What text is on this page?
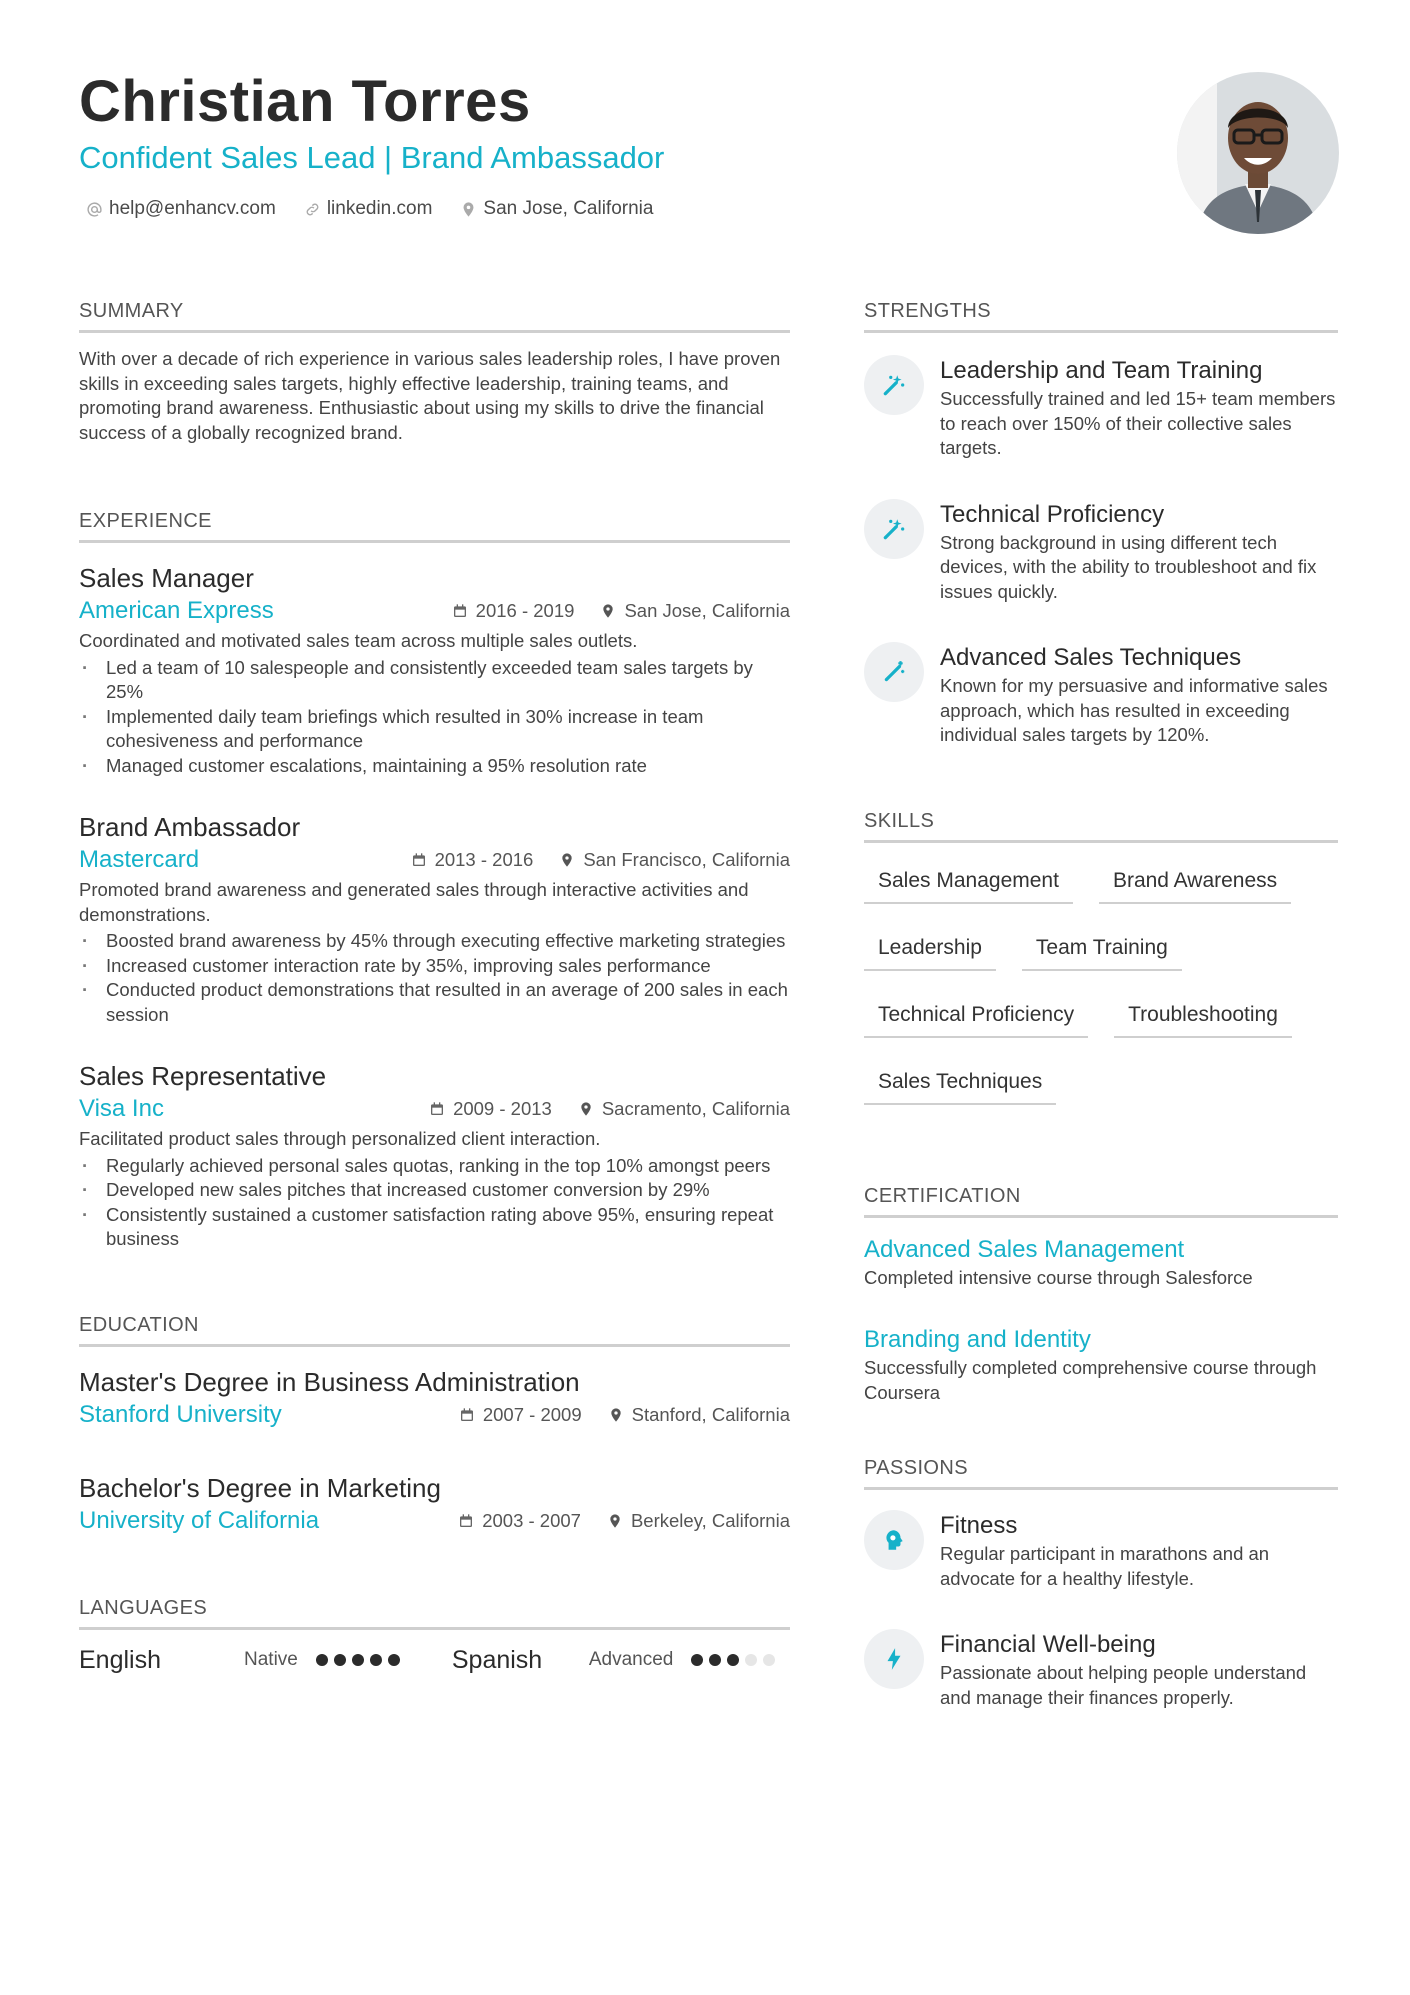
Christian Torres
Confident Sales Lead | Brand Ambassador
help@enhancv.com	linkedin.com	San Jose, California
SUMMARY
With over a decade of rich experience in various sales leadership roles, I have proven skills in exceeding sales targets, highly effective leadership, training teams, and promoting brand awareness. Enthusiastic about using my skills to drive the financial success of a globally recognized brand.
EXPERIENCE
Sales Manager
American Express	2016 - 2019	San Jose, California
Coordinated and motivated sales team across multiple sales outlets.
· Led a team of 10 salespeople and consistently exceeded team sales targets by 25%
· Implemented daily team briefings which resulted in 30% increase in team cohesiveness and performance
· Managed customer escalations, maintaining a 95% resolution rate
Brand Ambassador
Mastercard	2013 - 2016	San Francisco, California
Promoted brand awareness and generated sales through interactive activities and demonstrations.
· Boosted brand awareness by 45% through executing effective marketing strategies
· Increased customer interaction rate by 35%, improving sales performance
· Conducted product demonstrations that resulted in an average of 200 sales in each session
Sales Representative
Visa Inc	2009 - 2013	Sacramento, California
Facilitated product sales through personalized client interaction.
· Regularly achieved personal sales quotas, ranking in the top 10% amongst peers
· Developed new sales pitches that increased customer conversion by 29%
· Consistently sustained a customer satisfaction rating above 95%, ensuring repeat business
EDUCATION
Master's Degree in Business Administration
Stanford University	2007 - 2009	Stanford, California
Bachelor's Degree in Marketing
University of California	2003 - 2007	Berkeley, California
LANGUAGES
English	Native	Spanish	Advanced
STRENGTHS
Leadership and Team Training
Successfully trained and led 15+ team members to reach over 150% of their collective sales targets.
Technical Proficiency
Strong background in using different tech devices, with the ability to troubleshoot and fix issues quickly.
Advanced Sales Techniques
Known for my persuasive and informative sales approach, which has resulted in exceeding individual sales targets by 120%.
SKILLS
Sales Management	Brand Awareness
Leadership	Team Training
Technical Proficiency	Troubleshooting
Sales Techniques
CERTIFICATION
Advanced Sales Management
Completed intensive course through Salesforce
Branding and Identity
Successfully completed comprehensive course through Coursera
PASSIONS
Fitness
Regular participant in marathons and an advocate for a healthy lifestyle.
Financial Well-being
Passionate about helping people understand and manage their finances properly.
